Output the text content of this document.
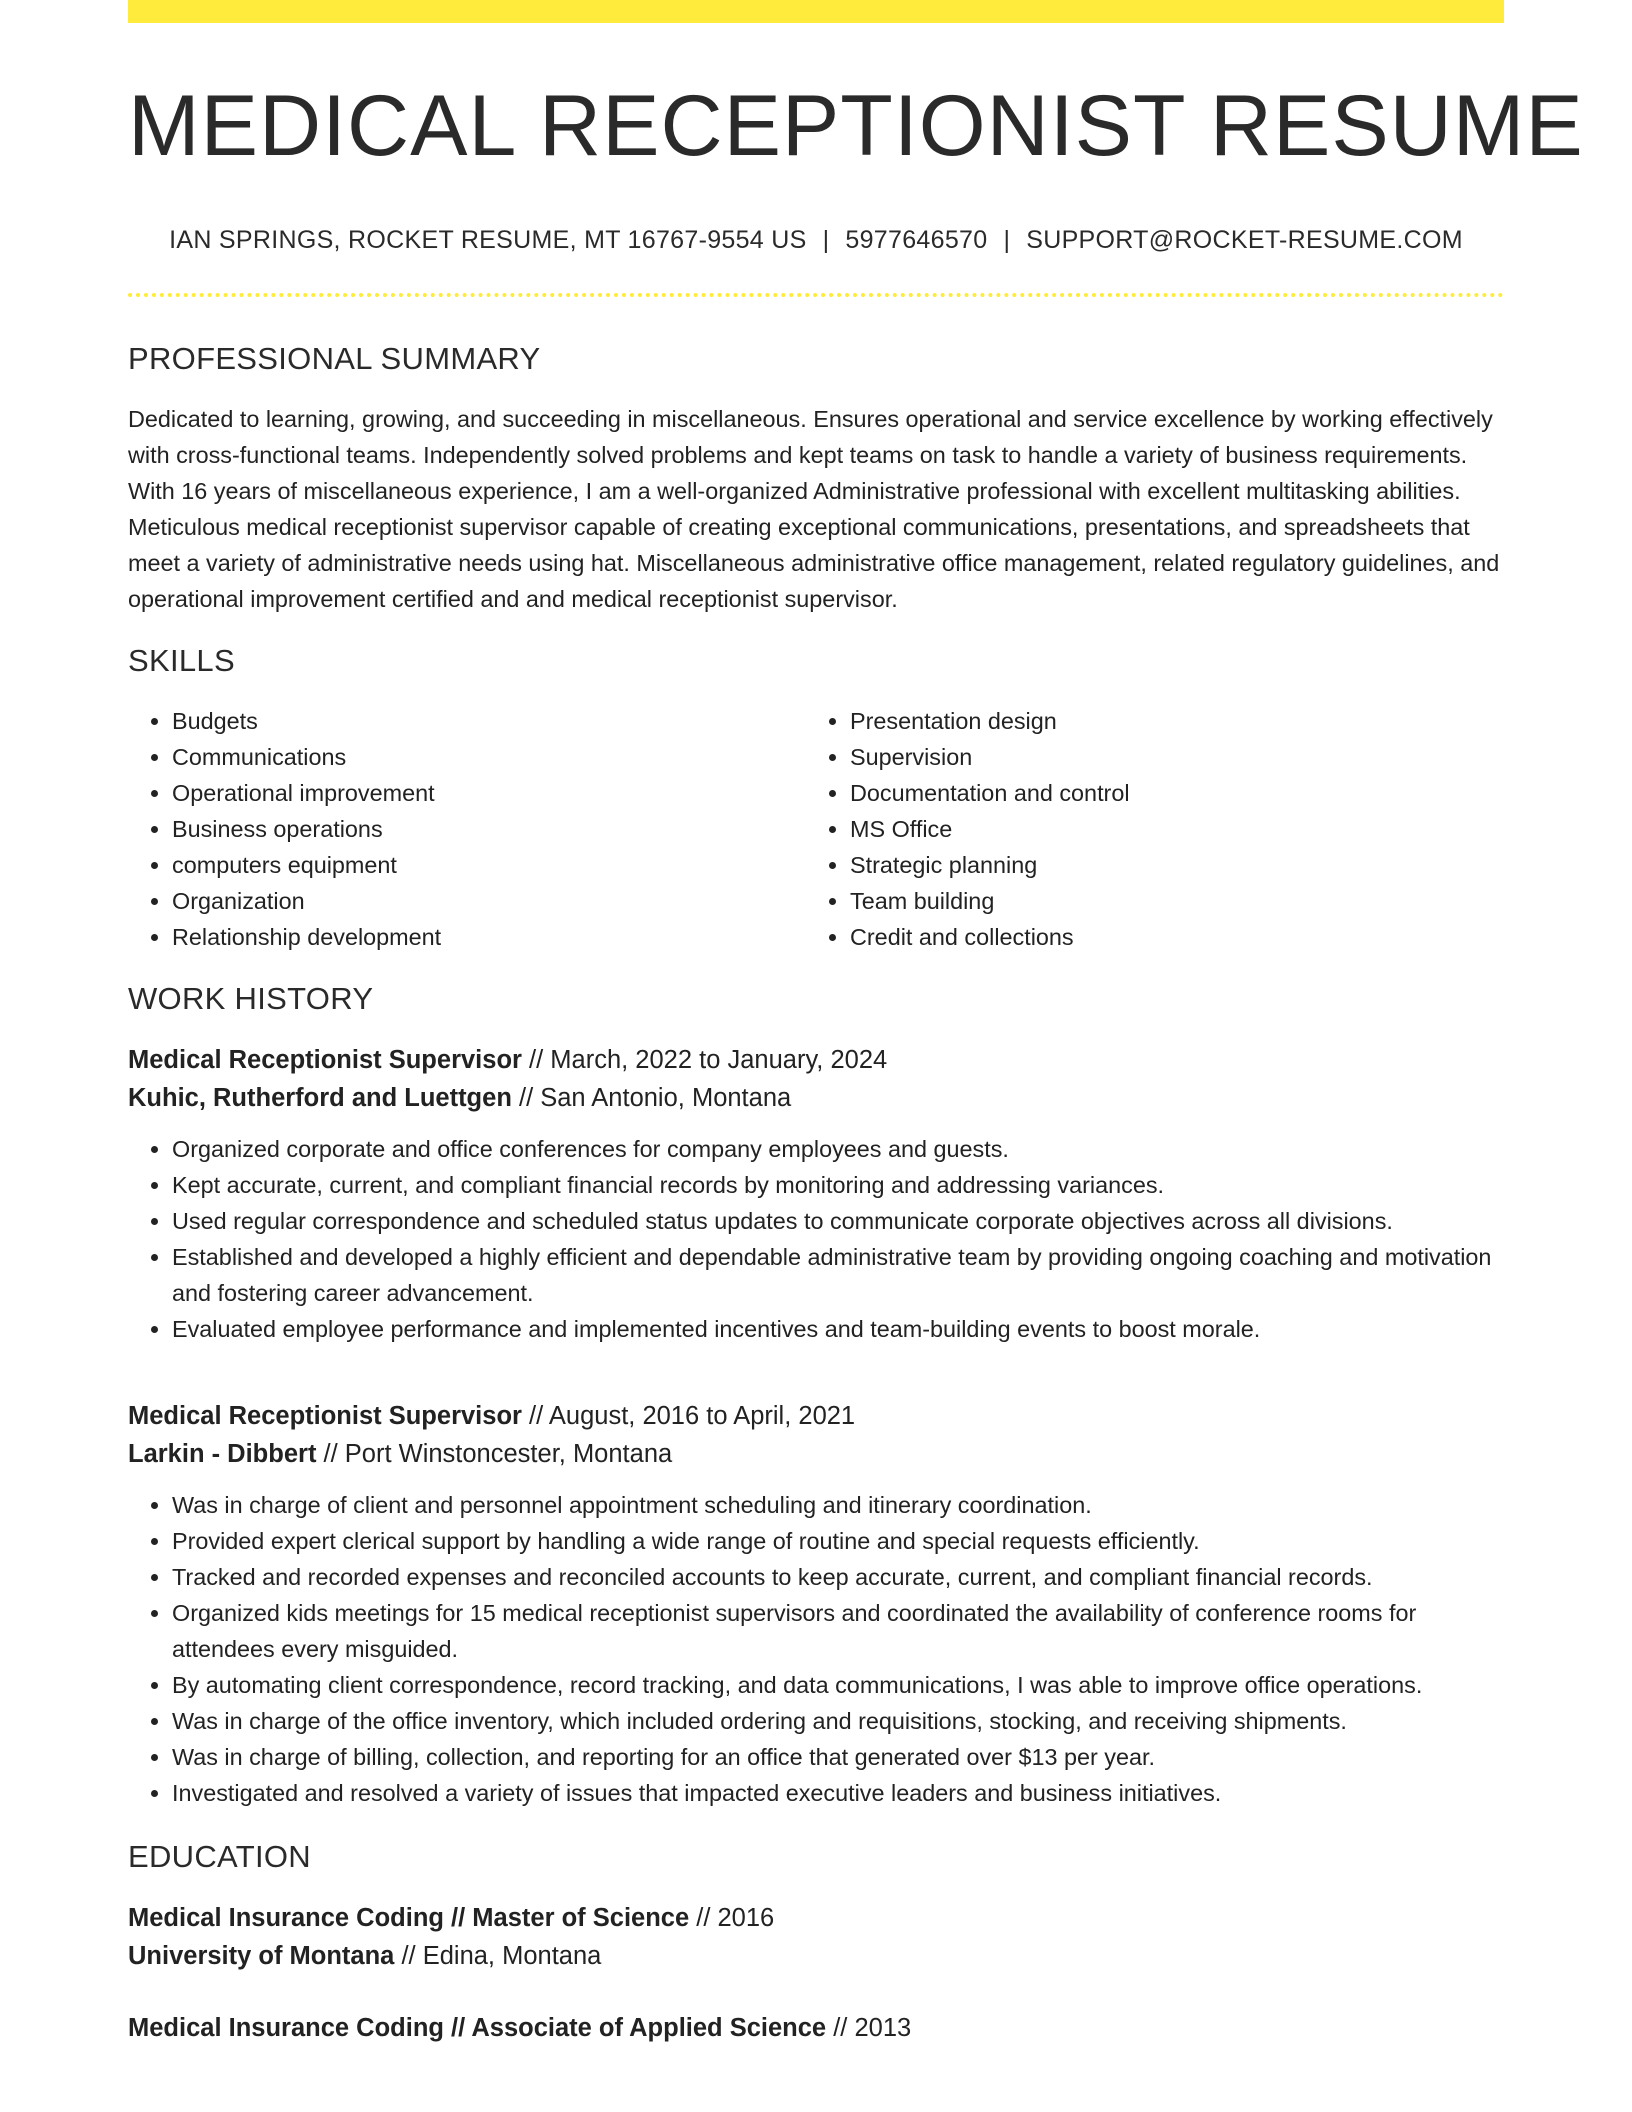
MEDICAL RECEPTIONIST RESUME
IAN SPRINGS, ROCKET RESUME, MT 16767-9554 US | 5977646570 | SUPPORT@ROCKET-RESUME.COM
PROFESSIONAL SUMMARY
Dedicated to learning, growing, and succeeding in miscellaneous. Ensures operational and service excellence by working effectively with cross-functional teams. Independently solved problems and kept teams on task to handle a variety of business requirements. With 16 years of miscellaneous experience, I am a well-organized Administrative professional with excellent multitasking abilities. Meticulous medical receptionist supervisor capable of creating exceptional communications, presentations, and spreadsheets that meet a variety of administrative needs using hat. Miscellaneous administrative office management, related regulatory guidelines, and operational improvement certified and and medical receptionist supervisor.
SKILLS
• Budgets
• Communications
• Operational improvement
• Business operations
• computers equipment
• Organization
• Relationship development
• Presentation design
• Supervision
• Documentation and control
• MS Office
• Strategic planning
• Team building
• Credit and collections
WORK HISTORY
Medical Receptionist Supervisor // March, 2022 to January, 2024
Kuhic, Rutherford and Luettgen // San Antonio, Montana
• Organized corporate and office conferences for company employees and guests.
• Kept accurate, current, and compliant financial records by monitoring and addressing variances.
• Used regular correspondence and scheduled status updates to communicate corporate objectives across all divisions.
• Established and developed a highly efficient and dependable administrative team by providing ongoing coaching and motivation and fostering career advancement.
• Evaluated employee performance and implemented incentives and team-building events to boost morale.
Medical Receptionist Supervisor // August, 2016 to April, 2021
Larkin - Dibbert // Port Winstoncester, Montana
• Was in charge of client and personnel appointment scheduling and itinerary coordination.
• Provided expert clerical support by handling a wide range of routine and special requests efficiently.
• Tracked and recorded expenses and reconciled accounts to keep accurate, current, and compliant financial records.
• Organized kids meetings for 15 medical receptionist supervisors and coordinated the availability of conference rooms for attendees every misguided.
• By automating client correspondence, record tracking, and data communications, I was able to improve office operations.
• Was in charge of the office inventory, which included ordering and requisitions, stocking, and receiving shipments.
• Was in charge of billing, collection, and reporting for an office that generated over $13 per year.
• Investigated and resolved a variety of issues that impacted executive leaders and business initiatives.
EDUCATION
Medical Insurance Coding // Master of Science // 2016
University of Montana // Edina, Montana
Medical Insurance Coding // Associate of Applied Science // 2013
